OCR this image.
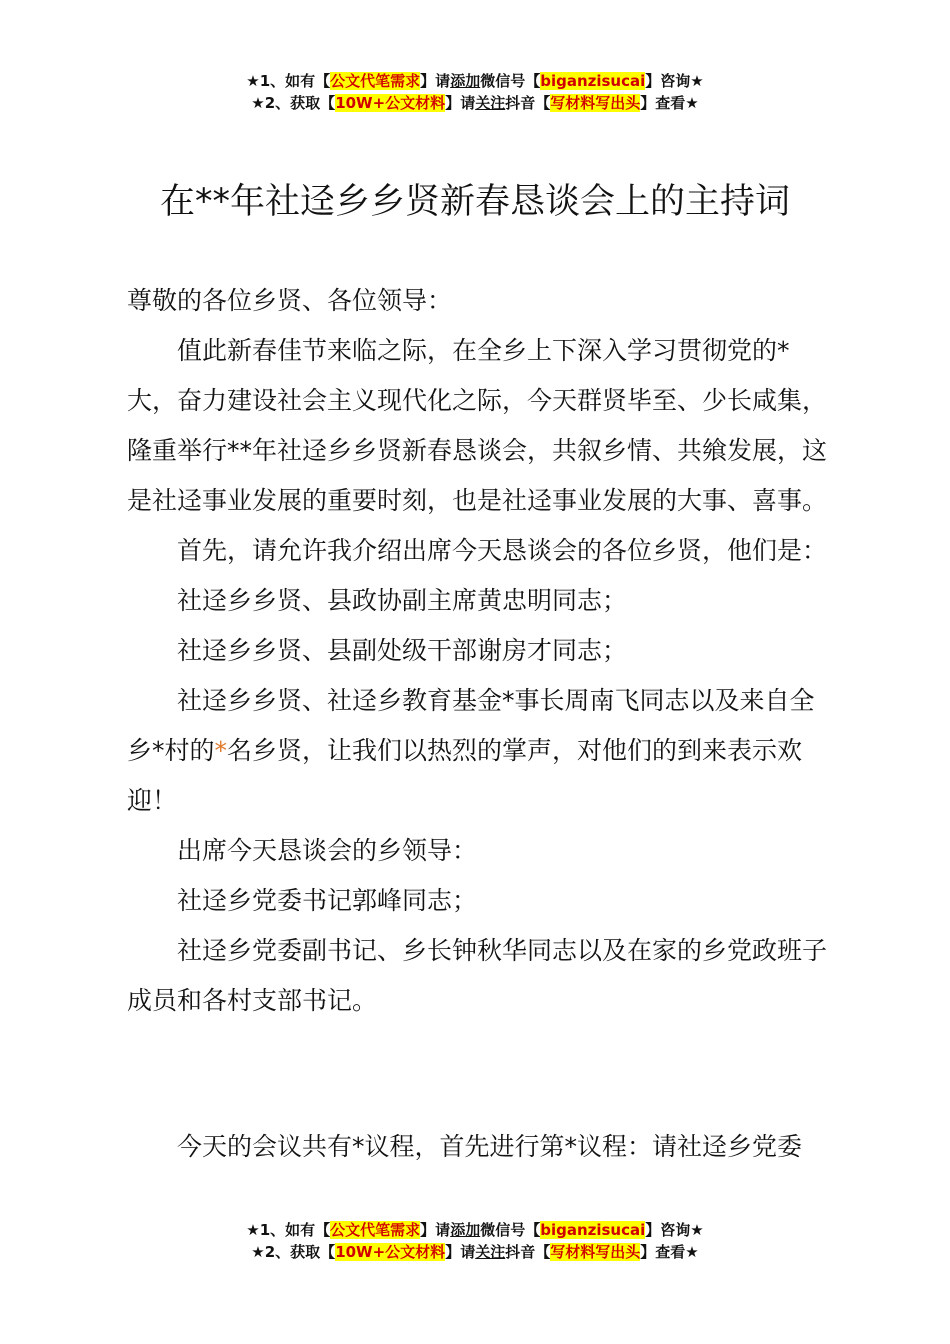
★1、如有【公文代笔需求】请添加微信号【biganzisucai】咨询★
★2、获取【10W+公文材料】请关注抖音【写材料写出头】查看★
在**年社迳乡乡贤新春恳谈会上的主持词

尊敬的各位乡贤、各位领导：

值此新春佳节来临之际，在全乡上下深入学习贯彻党的*大，奋力建设社会主义现代化之际，今天群贤毕至、少长咸集，隆重举行**年社迳乡乡贤新春恳谈会，共叙乡情、共飨发展，这是社迳事业发展的重要时刻，也是社迳事业发展的大事、喜事。

首先，请允许我介绍出席今天恳谈会的各位乡贤，他们是：

社迳乡乡贤、县政协副主席黄忠明同志；

社迳乡乡贤、县副处级干部谢房才同志；

社迳乡乡贤、社迳乡教育基金*事长周南飞同志以及来自全乡*村的*名乡贤，让我们以热烈的掌声，对他们的到来表示欢迎！

出席今天恳谈会的乡领导：

社迳乡党委书记郭峰同志；

社迳乡党委副书记、乡长钟秋华同志以及在家的乡党政班子成员和各村支部书记。

今天的会议共有*议程，首先进行第*议程：请社迳乡党委

★1、如有【公文代笔需求】请添加微信号【biganzisucai】咨询★
★2、获取【10W+公文材料】请关注抖音【写材料写出头】查看★
